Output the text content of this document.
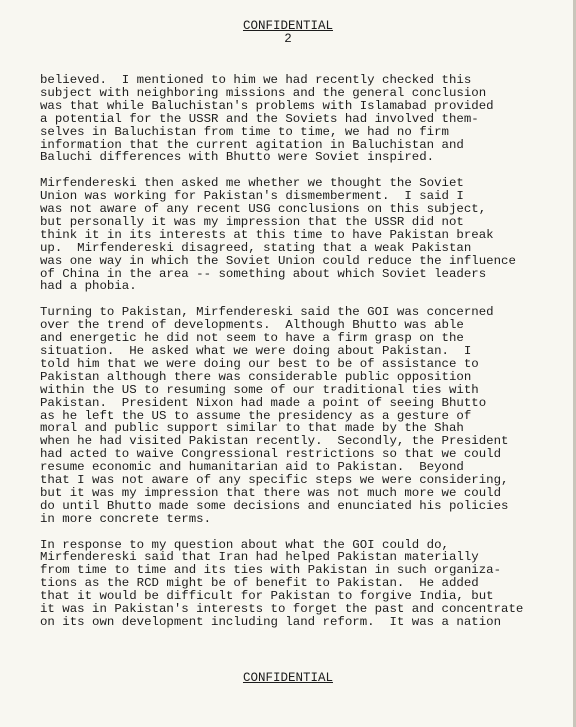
CONFIDENTIAL
2
believed.  I mentioned to him we had recently checked this
subject with neighboring missions and the general conclusion
was that while Baluchistan's problems with Islamabad provided
a potential for the USSR and the Soviets had involved them-
selves in Baluchistan from time to time, we had no firm
information that the current agitation in Baluchistan and
Baluchi differences with Bhutto were Soviet inspired.
Mirfendereski then asked me whether we thought the Soviet
Union was working for Pakistan's dismemberment.  I said I
was not aware of any recent USG conclusions on this subject,
but personally it was my impression that the USSR did not
think it in its interests at this time to have Pakistan break
up.  Mirfendereski disagreed, stating that a weak Pakistan
was one way in which the Soviet Union could reduce the influence
of China in the area -- something about which Soviet leaders
had a phobia.
Turning to Pakistan, Mirfendereski said the GOI was concerned
over the trend of developments.  Although Bhutto was able
and energetic he did not seem to have a firm grasp on the
situation.  He asked what we were doing about Pakistan.  I
told him that we were doing our best to be of assistance to
Pakistan although there was considerable public opposition
within the US to resuming some of our traditional ties with
Pakistan.  President Nixon had made a point of seeing Bhutto
as he left the US to assume the presidency as a gesture of
moral and public support similar to that made by the Shah
when he had visited Pakistan recently.  Secondly, the President
had acted to waive Congressional restrictions so that we could
resume economic and humanitarian aid to Pakistan.  Beyond
that I was not aware of any specific steps we were considering,
but it was my impression that there was not much more we could
do until Bhutto made some decisions and enunciated his policies
in more concrete terms.
In response to my question about what the GOI could do,
Mirfendereski said that Iran had helped Pakistan materially
from time to time and its ties with Pakistan in such organiza-
tions as the RCD might be of benefit to Pakistan.  He added
that it would be difficult for Pakistan to forgive India, but
it was in Pakistan's interests to forget the past and concentrate
on its own development including land reform.  It was a nation
CONFIDENTIAL
